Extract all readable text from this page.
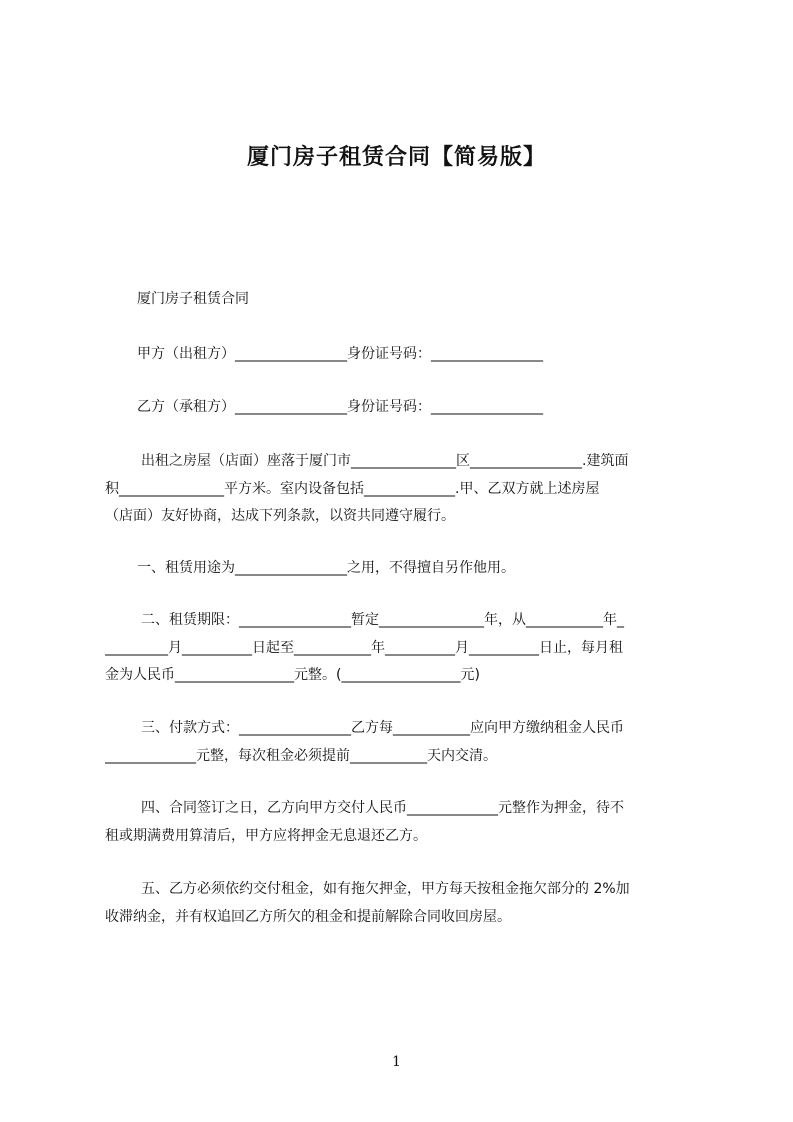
厦门房子租赁合同【简易版】

厦门房子租赁合同

甲方（出租方）________________身份证号码：________________

乙方（承租方）________________身份证号码：________________

出租之房屋（店面）座落于厦门市_______________区________________.建筑面
积_______________平方米。室内设备包括_____________.甲、乙双方就上述房屋
（店面）友好协商，达成下列条款，以资共同遵守履行。

一、租赁用途为________________之用，不得擅自另作他用。

二、租赁期限：________________暂定_______________年，从___________年_
_________月__________日起至___________年__________月__________日止，每月租
金为人民币_________________元整。(_________________元)
三、付款方式：________________乙方每___________应向甲方缴纳租金人民币
_____________元整，每次租金必须提前___________天内交清。
四、合同签订之日，乙方向甲方交付人民币_____________元整作为押金，待不
租或期满费用算清后，甲方应将押金无息退还乙方。
五、乙方必须依约交付租金，如有拖欠押金，甲方每天按租金拖欠部分的 2%加
收滞纳金，并有权追回乙方所欠的租金和提前解除合同收回房屋。
1
